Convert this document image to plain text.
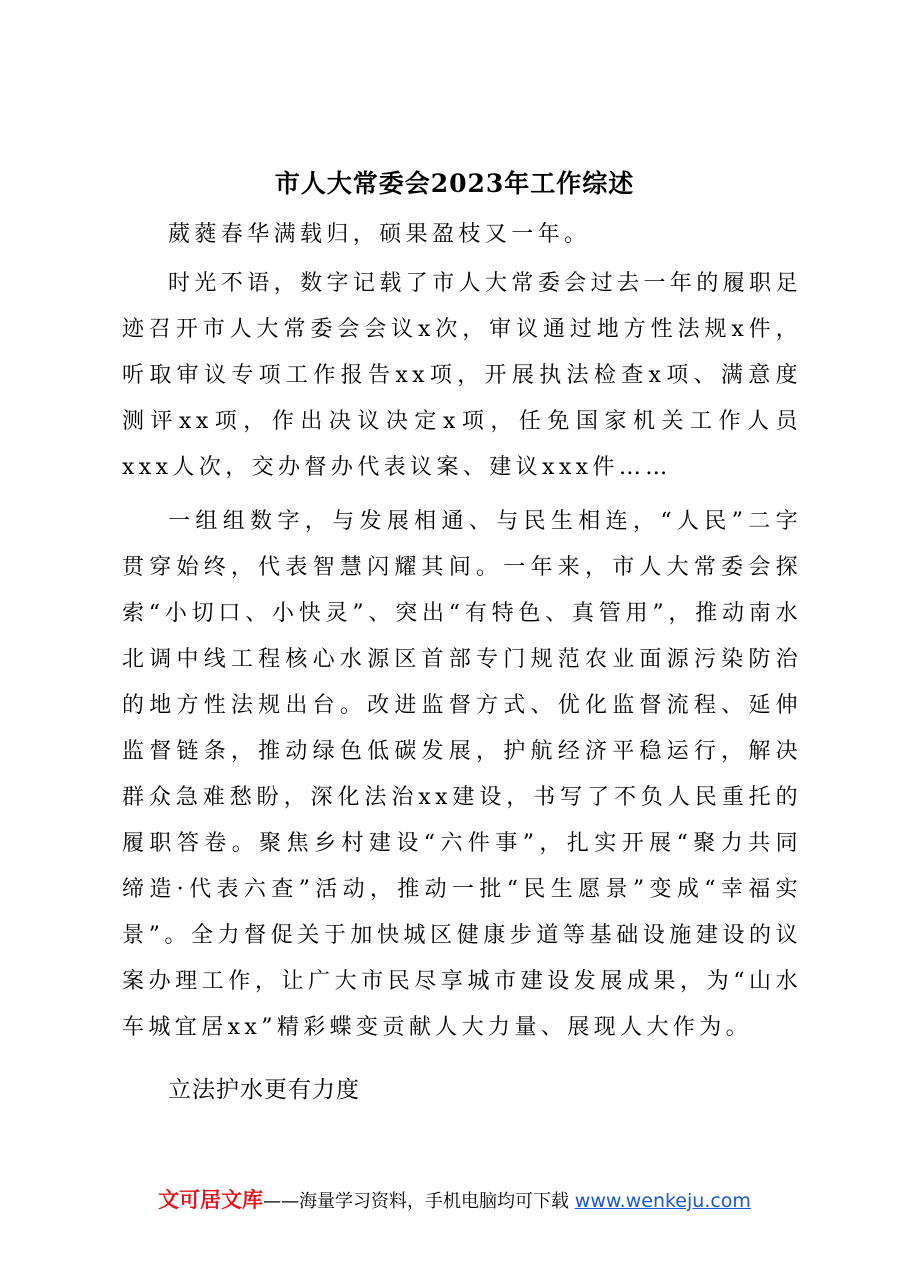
市人大常委会2023年工作综述

葳蕤春华满载归，硕果盈枝又一年。

时光不语，数字记载了市人大常委会过去一年的履职足迹召开市人大常委会会议x次，审议通过地方性法规x件，听取审议专项工作报告xx项，开展执法检查x项、满意度测评xx项，作出决议决定x项，任免国家机关工作人员xxx人次，交办督办代表议案、建议xxx件……

一组组数字，与发展相通、与民生相连，“人民”二字贯穿始终，代表智慧闪耀其间。一年来，市人大常委会探索“小切口、小快灵”、突出“有特色、真管用”，推动南水北调中线工程核心水源区首部专门规范农业面源污染防治的地方性法规出台。改进监督方式、优化监督流程、延伸监督链条，推动绿色低碳发展，护航经济平稳运行，解决群众急难愁盼，深化法治xx建设，书写了不负人民重托的履职答卷。聚焦乡村建设“六件事”，扎实开展“聚力共同缔造·代表六查”活动，推动一批“民生愿景”变成“幸福实景”。全力督促关于加快城区健康步道等基础设施建设的议案办理工作，让广大市民尽享城市建设发展成果，为“山水车城宜居xx”精彩蝶变贡献人大力量、展现人大作为。

立法护水更有力度
文可居文库——海量学习资料，手机电脑均可下载 www.wenkeju.com
